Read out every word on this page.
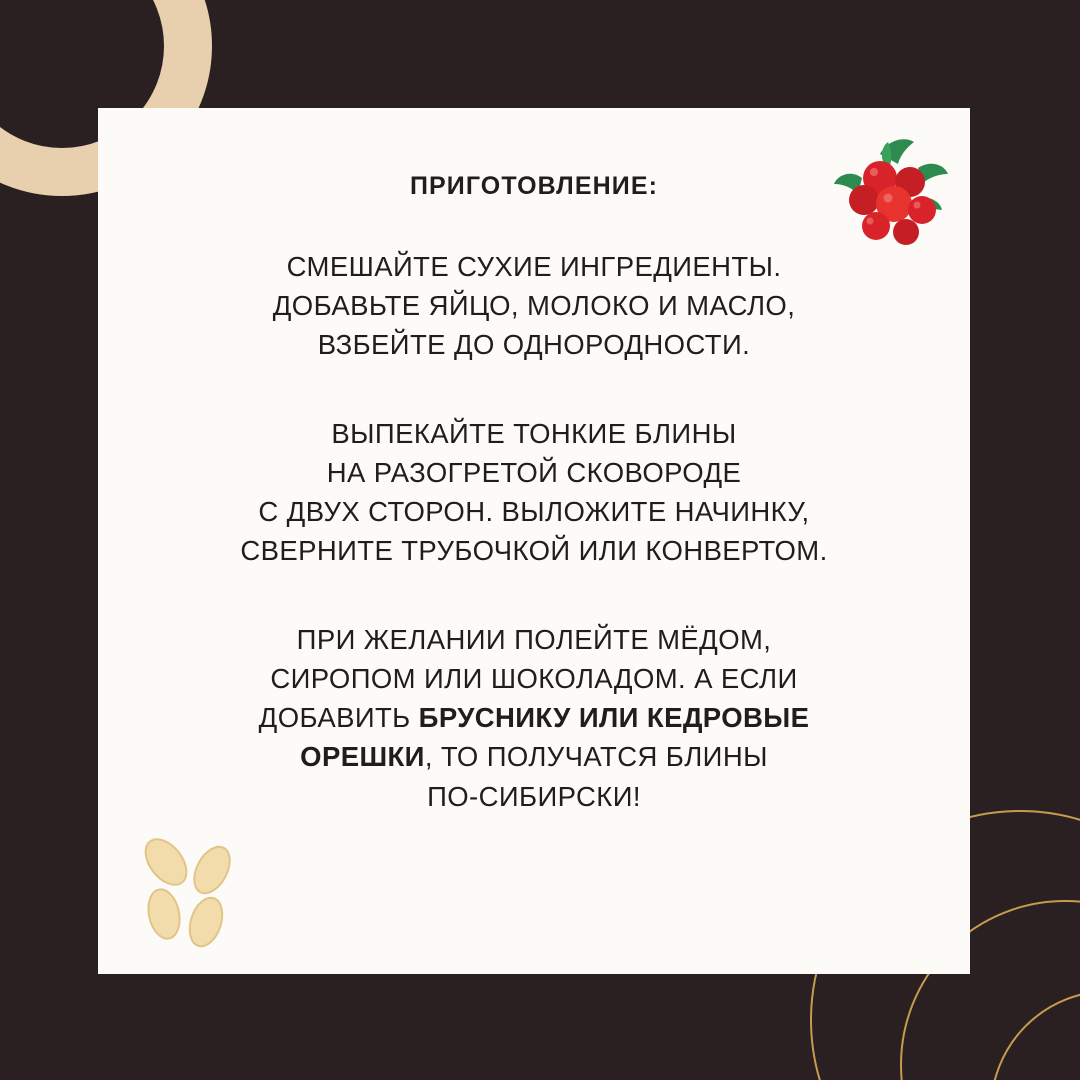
ПРИГОТОВЛЕНИЕ:

СМЕШАЙТЕ СУХИЕ ИНГРЕДИЕНТЫ.
ДОБАВЬТЕ ЯЙЦО, МОЛОКО И МАСЛО,
ВЗБЕЙТЕ ДО ОДНОРОДНОСТИ.

ВЫПЕКАЙТЕ ТОНКИЕ БЛИНЫ
НА РАЗОГРЕТОЙ СКОВОРОДЕ
С ДВУХ СТОРОН. ВЫЛОЖИТЕ НАЧИНКУ,
СВЕРНИТЕ ТРУБОЧКОЙ ИЛИ КОНВЕРТОМ.

ПРИ ЖЕЛАНИИ ПОЛЕЙТЕ МЁДОМ,
СИРОПОМ ИЛИ ШОКОЛАДОМ. А ЕСЛИ
ДОБАВИТЬ БРУСНИКУ ИЛИ КЕДРОВЫЕ
ОРЕШКИ, ТО ПОЛУЧАТСЯ БЛИНЫ
ПО-СИБИРСКИ!
